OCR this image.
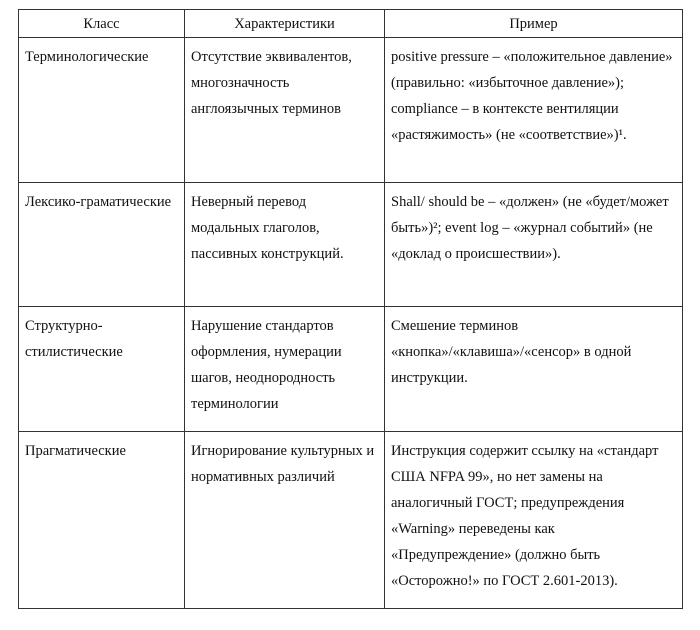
Класс	Характеристики	Пример

Терминологические	Отсутствие эквивалентов, многозначность англоязычных терминов	positive pressure – «положительное давление» (правильно: «избыточное давление»); compliance – в контексте вентиляции «растяжимость» (не «соответствие»)¹.

Лексико-граматические	Неверный перевод модальных глаголов, пассивных конструкций.	Shall/ should be – «должен» (не «будет/может быть»)²; event log – «журнал событий» (не «доклад о происшествии»).

Структурно-стилистические	Нарушение стандартов оформления, нумерации шагов, неоднородность терминологии	Смешение терминов «кнопка»/«клавиша»/«сенсор» в одной инструкции.

Прагматические	Игнорирование культурных и нормативных различий	Инструкция содержит ссылку на «стандарт США NFPA 99», но нет замены на аналогичный ГОСТ; предупреждения «Warning» переведены как «Предупреждение» (должно быть «Осторожно!» по ГОСТ 2.601-2013).
